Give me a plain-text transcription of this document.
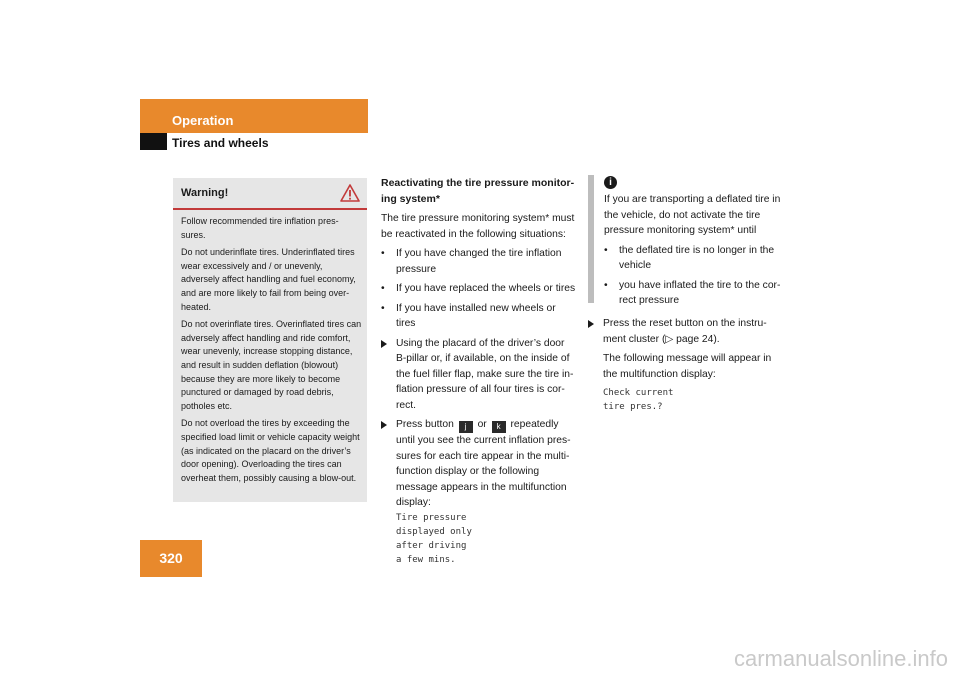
Operation
Tires and wheels
Warning!

Follow recommended tire inflation pres-sures.

Do not underinflate tires. Underinflated tires wear excessively and / or unevenly, adversely affect handling and fuel economy, and are more likely to fail from being over-heated.

Do not overinflate tires. Overinflated tires can adversely affect handling and ride comfort, wear unevenly, increase stopping distance, and result in sudden deflation (blowout) because they are more likely to become punctured or damaged by road debris, potholes etc.

Do not overload the tires by exceeding the specified load limit or vehicle capacity weight (as indicated on the placard on the driver’s door opening). Overloading the tires can overheat them, possibly causing a blow-out.

Reactivating the tire pressure monitor-ing system*

The tire pressure monitoring system* must be reactivated in the following situations:

• If you have changed the tire inflation pressure
• If you have replaced the wheels or tires
• If you have installed new wheels or tires
Using the placard of the driver’s door B-pillar or, if available, on the inside of the fuel filler flap, make sure the tire in-flation pressure of all four tires is cor-rect.
Press button j or k repeatedly until you see the current inflation pres-sures for each tire appear in the multi-function display or the following message appears in the multifunction display:
Tire pressure
displayed only
after driving
a few mins.
i

If you are transporting a deflated tire in the vehicle, do not activate the tire pressure monitoring system* until

• the deflated tire is no longer in the vehicle
• you have inflated the tire to the cor-rect pressure
Press the reset button on the instru-ment cluster (▷ page 24).

The following message will appear in the multifunction display:

Check current
tire pres.?
320
carmanualsonline.info
